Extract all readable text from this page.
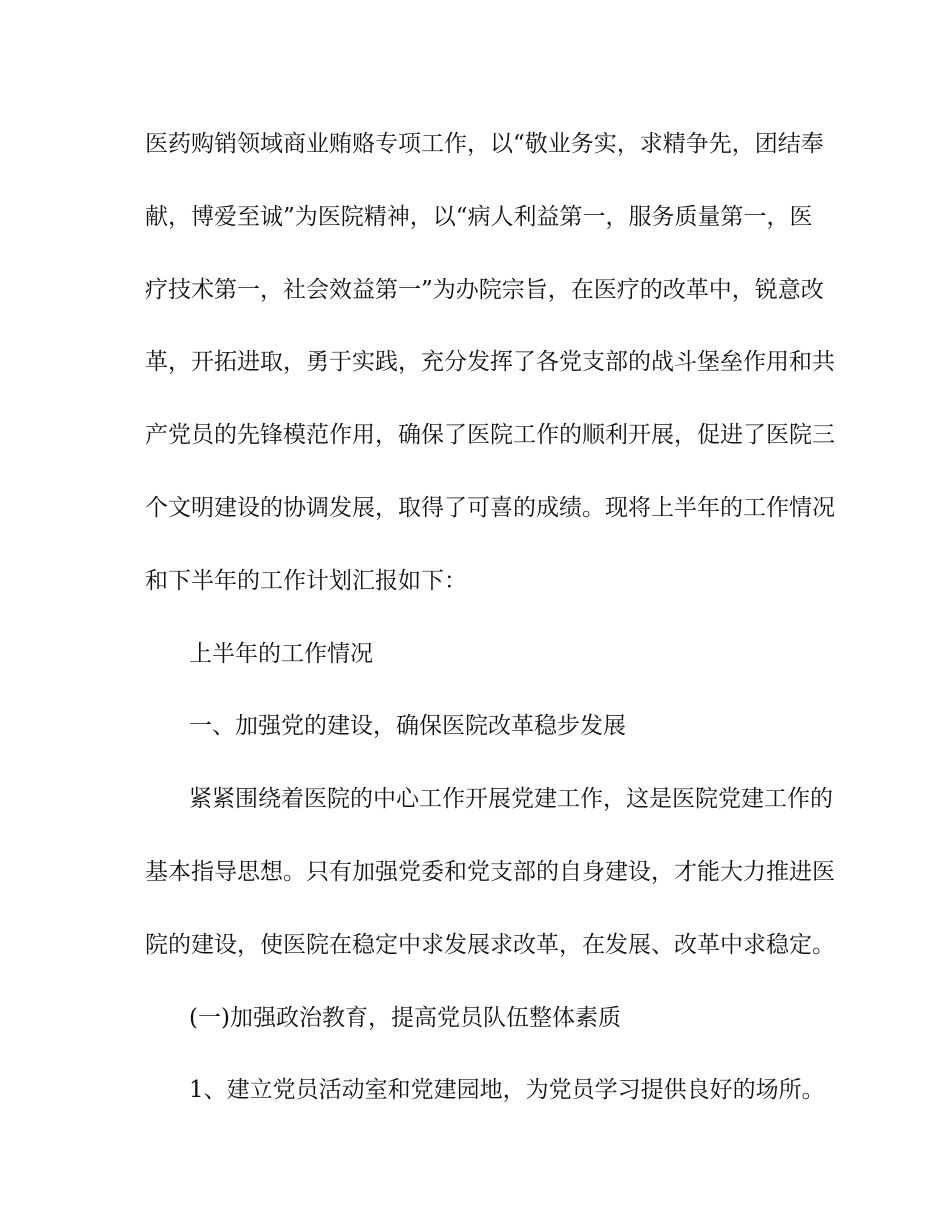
医药购销领域商业贿赂专项工作，以“敬业务实，求精争先，团结奉
献，博爱至诚”为医院精神，以“病人利益第一，服务质量第一，医
疗技术第一，社会效益第一”为办院宗旨，在医疗的改革中，锐意改
革，开拓进取，勇于实践，充分发挥了各党支部的战斗堡垒作用和共
产党员的先锋模范作用，确保了医院工作的顺利开展，促进了医院三
个文明建设的协调发展，取得了可喜的成绩。现将上半年的工作情况
和下半年的工作计划汇报如下：
上半年的工作情况
一、加强党的建设，确保医院改革稳步发展
紧紧围绕着医院的中心工作开展党建工作，这是医院党建工作的
基本指导思想。只有加强党委和党支部的自身建设，才能大力推进医
院的建设，使医院在稳定中求发展求改革，在发展、改革中求稳定。
(一)加强政治教育，提高党员队伍整体素质
1、建立党员活动室和党建园地，为党员学习提供良好的场所。
